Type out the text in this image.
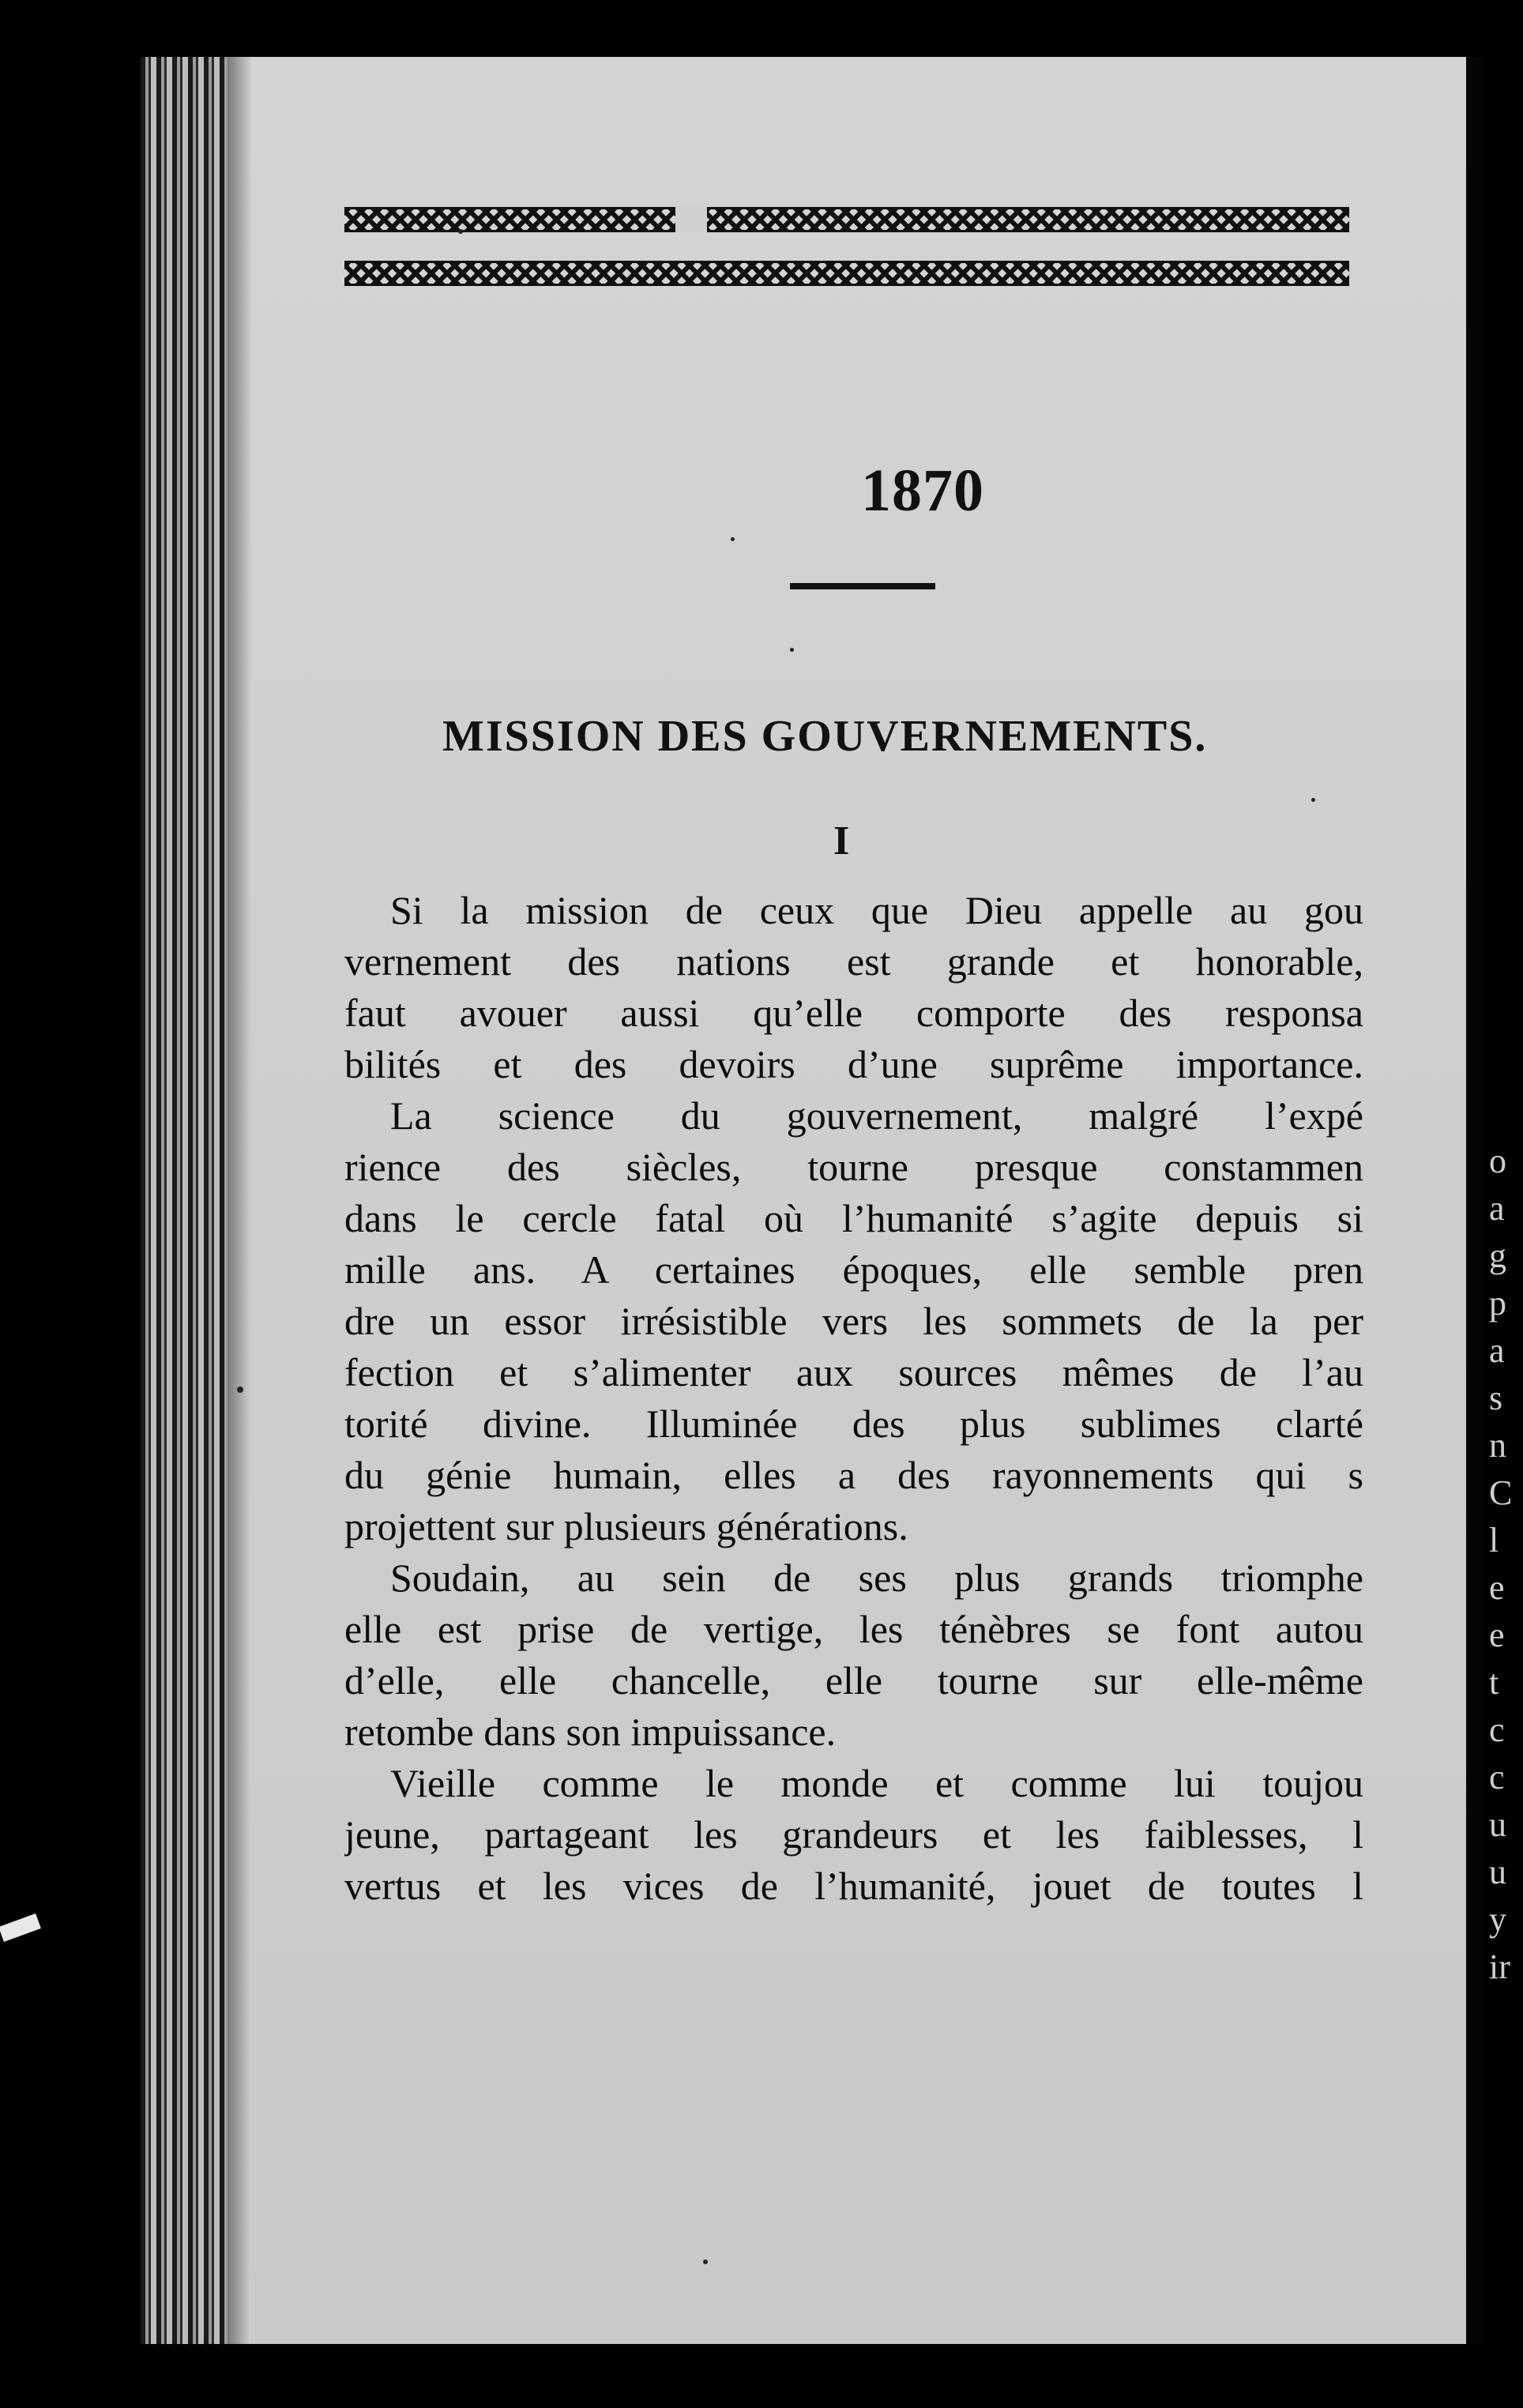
1870
MISSION DES GOUVERNEMENTS.
I
Si la mission de ceux que Dieu appelle au gou
vernement des nations est grande et honorable,
faut avouer aussi qu’elle comporte des responsa
bilités et des devoirs d’une suprême importance.
La science du gouvernement, malgré l’expé
rience des siècles, tourne presque constammen
dans le cercle fatal où l’humanité s’agite depuis si
mille ans. A certaines époques, elle semble pren
dre un essor irrésistible vers les sommets de la per
fection et s’alimenter aux sources mêmes de l’au
torité divine. Illuminée des plus sublimes clarté
du génie humain, elles a des rayonnements qui s
projettent sur plusieurs générations.
Soudain, au sein de ses plus grands triomphe
elle est prise de vertige, les ténèbres se font autou
d’elle, elle chancelle, elle tourne sur elle-même
retombe dans son impuissance.
Vieille comme le monde et comme lui toujou
jeune, partageant les grandeurs et les faiblesses, l
vertus et les vices de l’humanité, jouet de toutes l
o
a
g
p
a
s
n
C
l
e
e
t
c
c
u
u
y
ir
